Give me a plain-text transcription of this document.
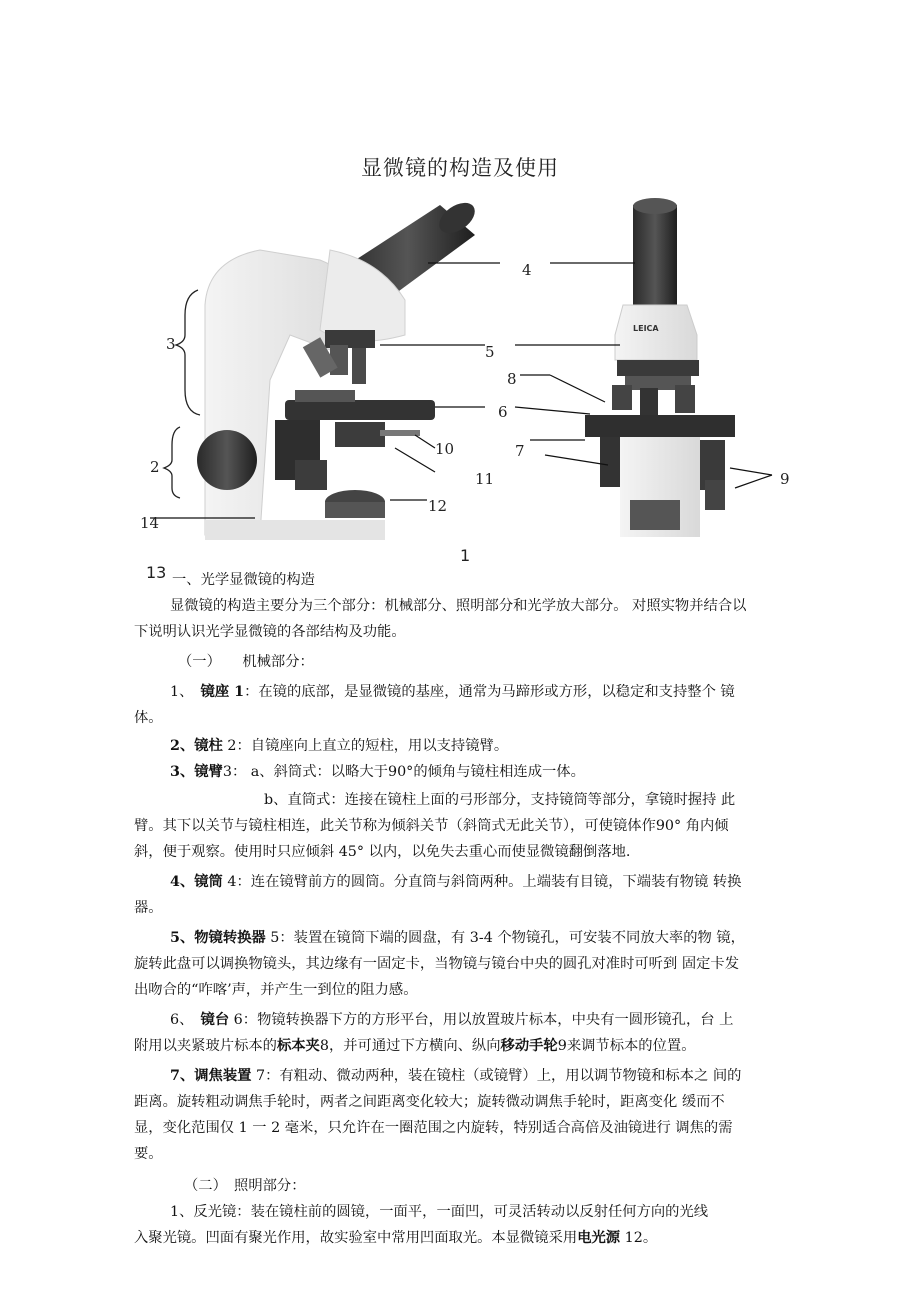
显微镜的构造及使用
3
2
14
4
5
8
6
7
10
11
12
9
LEICA
1
13 一、光学显微镜的构造
显微镜的构造主要分为三个部分：机械部分、照明部分和光学放大部分。 对照实物并结合以
下说明认识光学显微镜的各部结构及功能。
（一）　　机械部分：
1、　镜座 1：在镜的底部，是显微镜的基座，通常为马蹄形或方形，以稳定和支持整个 镜
体。
2、镜柱 2：自镜座向上直立的短柱，用以支持镜臂。
3、镜臂3： a、斜筒式：以略大于90°的倾角与镜柱相连成一体。
b、直筒式：连接在镜柱上面的弓形部分，支持镜筒等部分，拿镜时握持 此
臂。其下以关节与镜柱相连，此关节称为倾斜关节（斜筒式无此关节），可使镜体作90° 角内倾
斜，便于观察。使用时只应倾斜 45° 以内，以免失去重心而使显微镜翻倒落地.
4、镜筒 4：连在镜臂前方的圆筒。分直筒与斜筒两种。上端装有目镜，下端装有物镜 转换
器。
5、物镜转换器 5：装置在镜筒下端的圆盘，有 3-4 个物镜孔，可安装不同放大率的物 镜，
旋转此盘可以调换物镜头，其边缘有一固定卡，当物镜与镜台中央的圆孔对准时可听到 固定卡发
出吻合的“咋喀’声，并产生一到位的阻力感。
6、　镜台 6：物镜转换器下方的方形平台，用以放置玻片标本，中央有一圆形镜孔，台 上
附用以夹紧玻片标本的标本夹8，并可通过下方横向、纵向移动手轮9来调节标本的位置。
7、调焦装置 7：有粗动、微动两种，装在镜柱（或镜臂）上，用以调节物镜和标本之 间的
距离。旋转粗动调焦手轮时，两者之间距离变化较大；旋转微动调焦手轮时，距离变化 缓而不
显，变化范围仅 1 一 2 毫米，只允许在一圈范围之内旋转，特别适合高倍及油镜进行 调焦的需
要。
（二）　照明部分：
1、反光镜：装在镜柱前的圆镜，一面平，一面凹，可灵活转动以反射任何方向的光线
入聚光镜。凹面有聚光作用，故实验室中常用凹面取光。本显微镜采用电光源 12。
